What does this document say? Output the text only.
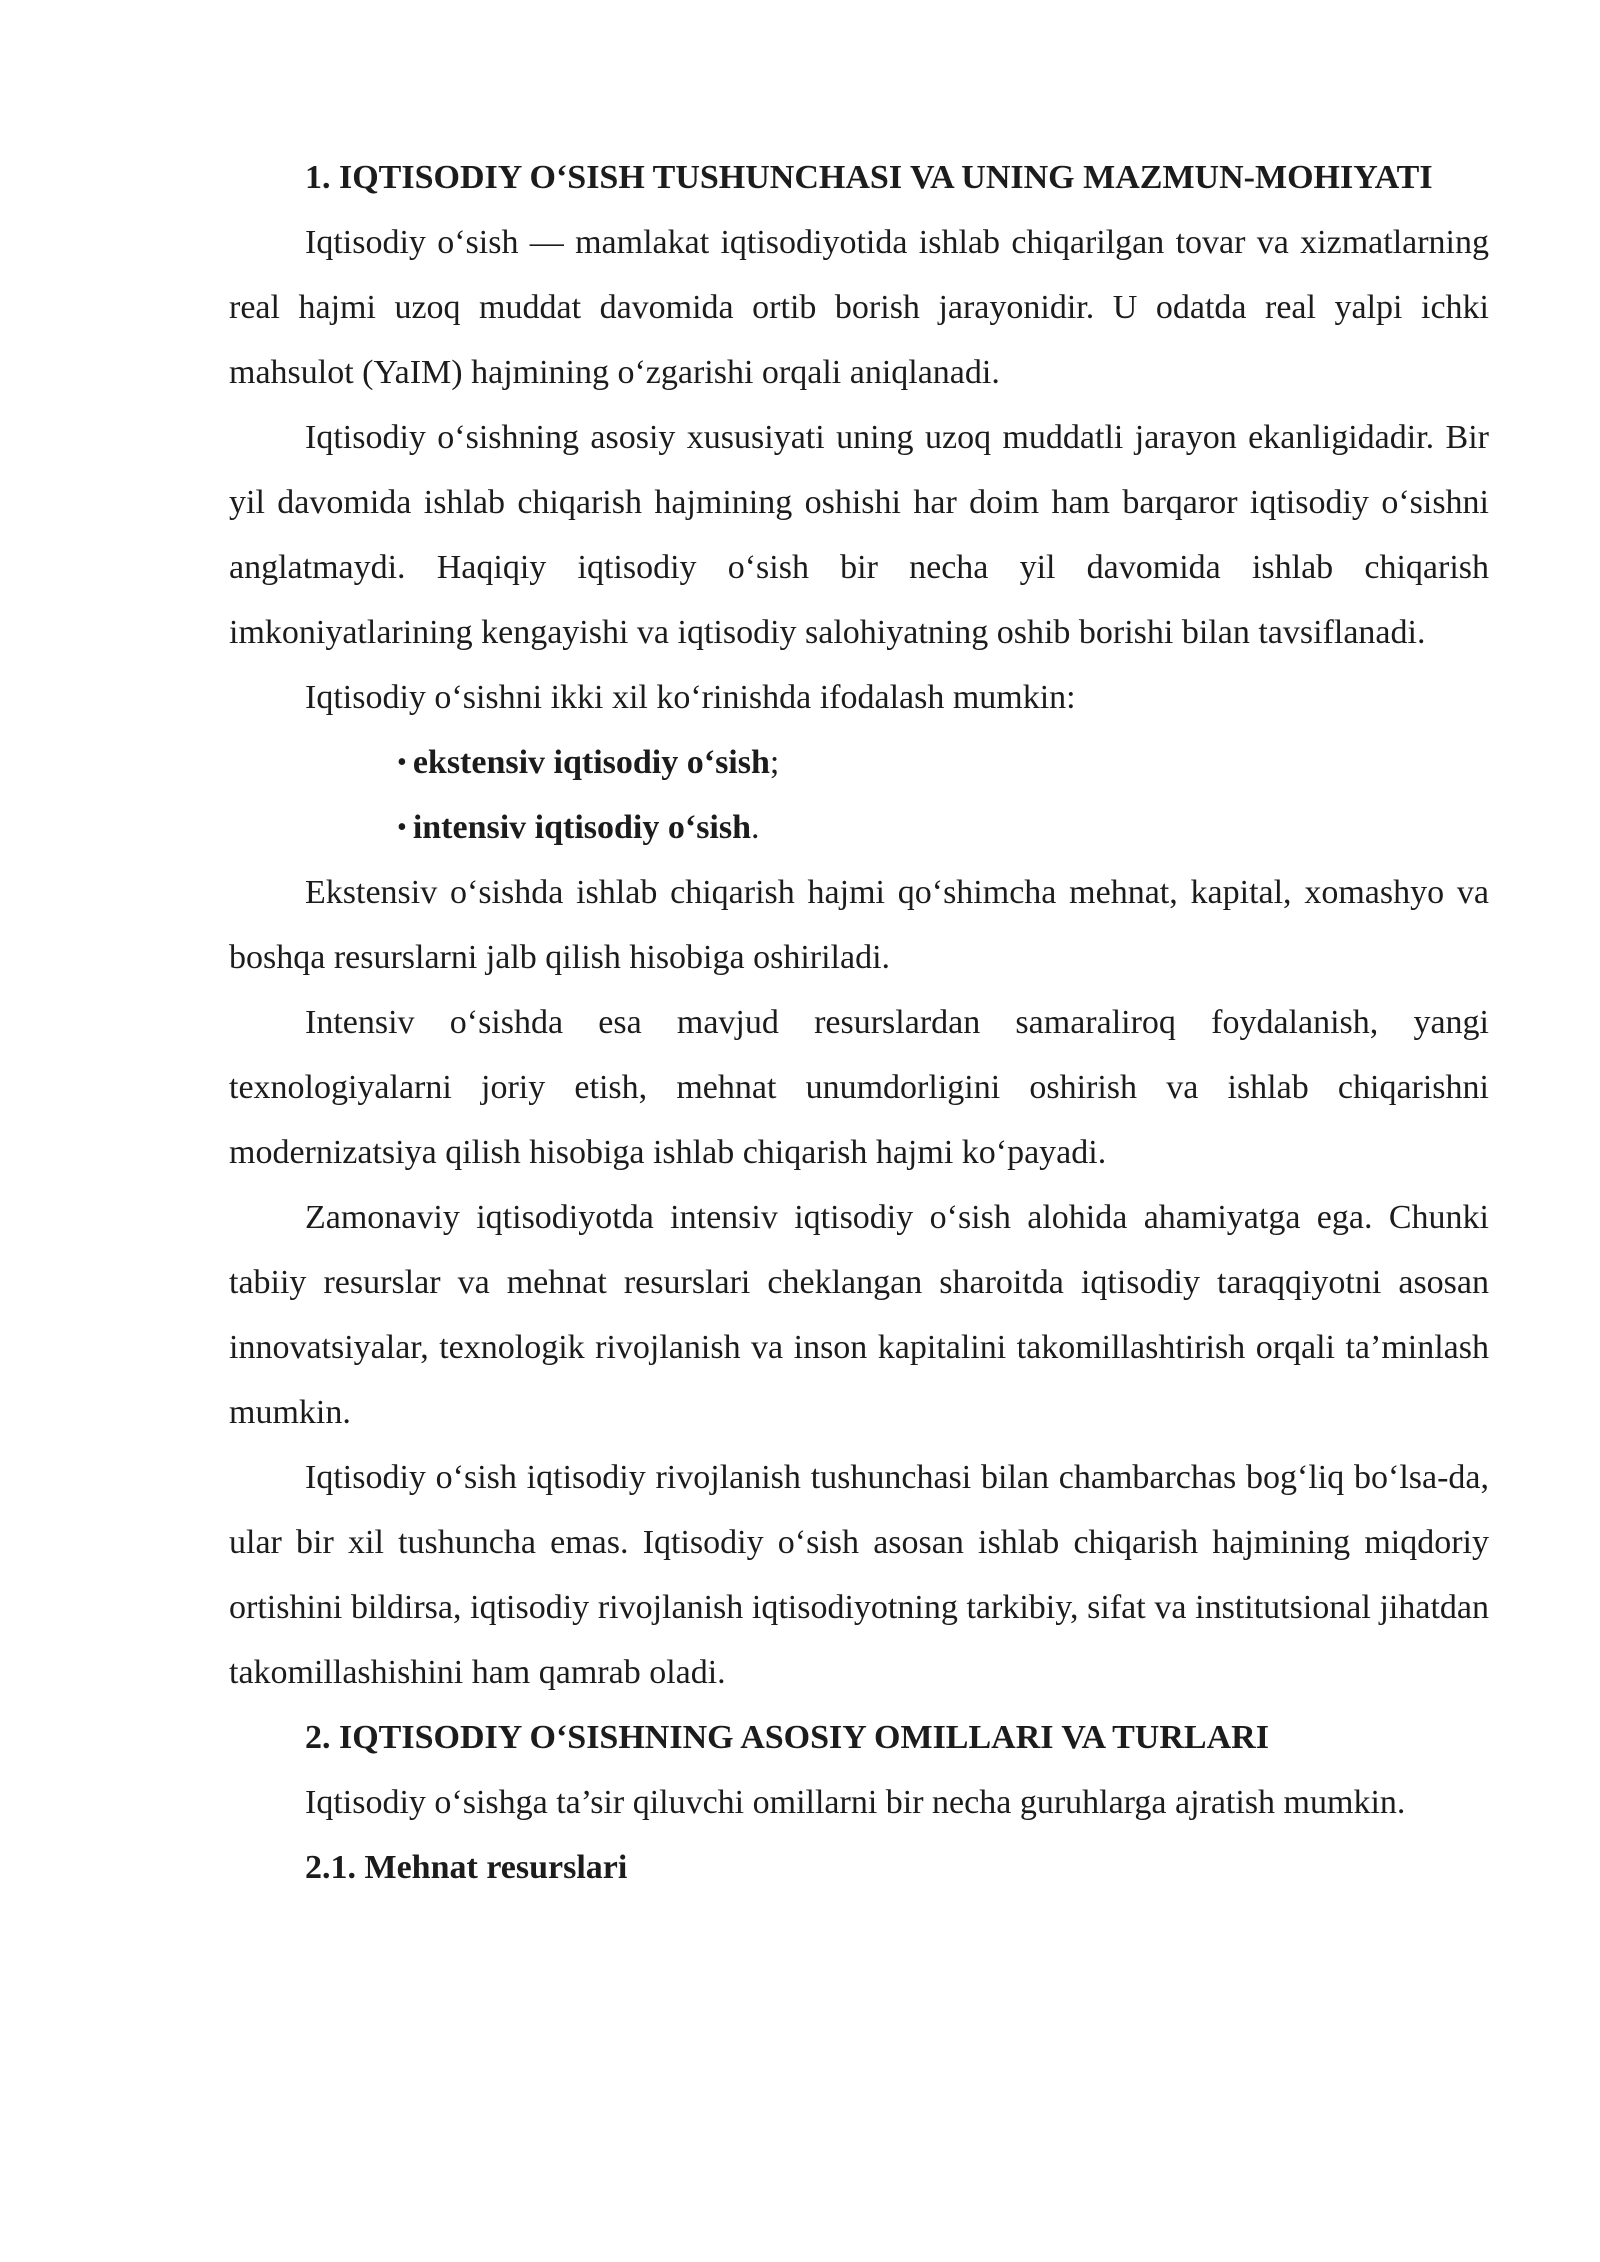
1. IQTISODIY O‘SISH TUSHUNCHASI VA UNING MAZMUN-MOHIYATI

Iqtisodiy o‘sish — mamlakat iqtisodiyotida ishlab chiqarilgan tovar va xizmatlarning real hajmi uzoq muddat davomida ortib borish jarayonidir. U odatda real yalpi ichki mahsulot (YaIM) hajmining o‘zgarishi orqali aniqlanadi.

Iqtisodiy o‘sishning asosiy xususiyati uning uzoq muddatli jarayon ekanligidadir. Bir yil davomida ishlab chiqarish hajmining oshishi har doim ham barqaror iqtisodiy o‘sishni anglatmaydi. Haqiqiy iqtisodiy o‘sish bir necha yil davomida ishlab chiqarish imkoniyatlarining kengayishi va iqtisodiy salohiyatning oshib borishi bilan tavsiflanadi.

Iqtisodiy o‘sishni ikki xil ko‘rinishda ifodalash mumkin:

• ekstensiv iqtisodiy o‘sish;
• intensiv iqtisodiy o‘sish.

Ekstensiv o‘sishda ishlab chiqarish hajmi qo‘shimcha mehnat, kapital, xomashyo va boshqa resurslarni jalb qilish hisobiga oshiriladi.

Intensiv o‘sishda esa mavjud resurslardan samaraliroq foydalanish, yangi texnologiyalarni joriy etish, mehnat unumdorligini oshirish va ishlab chiqarishni modernizatsiya qilish hisobiga ishlab chiqarish hajmi ko‘payadi.

Zamonaviy iqtisodiyotda intensiv iqtisodiy o‘sish alohida ahamiyatga ega. Chunki tabiiy resurslar va mehnat resurslari cheklangan sharoitda iqtisodiy taraqqiyotni asosan innovatsiyalar, texnologik rivojlanish va inson kapitalini takomillashtirish orqali ta’minlash mumkin.

Iqtisodiy o‘sish iqtisodiy rivojlanish tushunchasi bilan chambarchas bog‘liq bo‘lsa-da, ular bir xil tushuncha emas. Iqtisodiy o‘sish asosan ishlab chiqarish hajmining miqdoriy ortishini bildirsa, iqtisodiy rivojlanish iqtisodiyotning tarkibiy, sifat va institutsional jihatdan takomillashishini ham qamrab oladi.

2. IQTISODIY O‘SISHNING ASOSIY OMILLARI VA TURLARI

Iqtisodiy o‘sishga ta’sir qiluvchi omillarni bir necha guruhlarga ajratish mumkin.

2.1. Mehnat resurslari
